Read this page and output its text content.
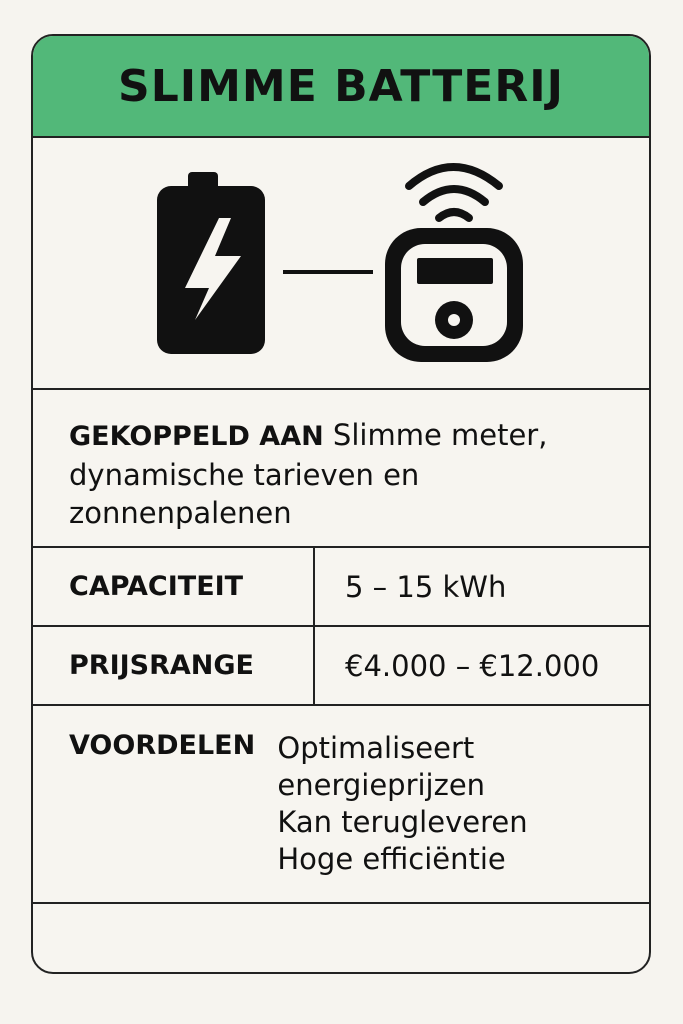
SLIMME BATTERIJ
GEKOPPELD AAN Slimme meter, dynamische tarieven en zonnenpalenen
CAPACITEIT	5 – 15 kWh
PRIJSRANGE	€4.000 – €12.000
VOORDELEN Optimaliseert energieprijzen
Kan terugleveren
Hoge efficiëntie
